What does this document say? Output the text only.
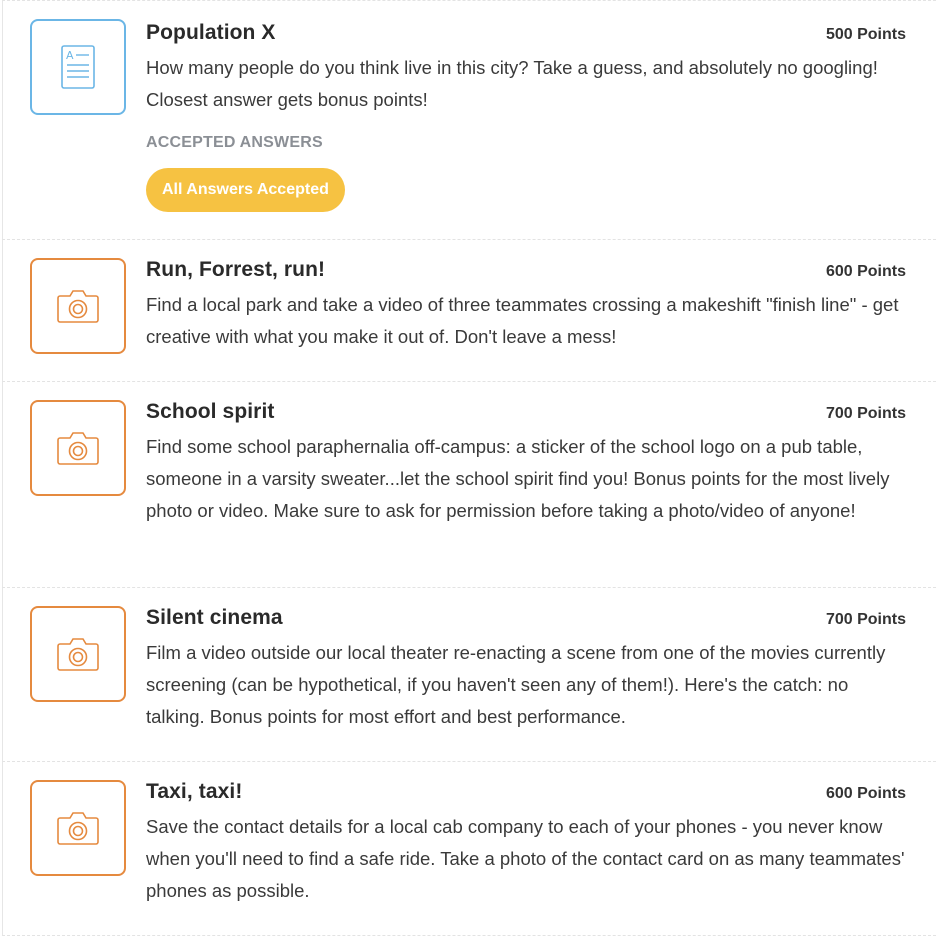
A
Population X	500 Points
How many people do you think live in this city? Take a guess, and absolutely no googling! Closest answer gets bonus points!
ACCEPTED ANSWERS
All Answers Accepted
Run, Forrest, run!	600 Points
Find a local park and take a video of three teammates crossing a makeshift "finish line" - get creative with what you make it out of. Don't leave a mess!
School spirit	700 Points
Find some school paraphernalia off-campus: a sticker of the school logo on a pub table, someone in a varsity sweater...let the school spirit find you! Bonus points for the most lively photo or video. Make sure to ask for permission before taking a photo/video of anyone!
Silent cinema	700 Points
Film a video outside our local theater re-enacting a scene from one of the movies currently screening (can be hypothetical, if you haven't seen any of them!). Here's the catch: no talking. Bonus points for most effort and best performance.
Taxi, taxi!	600 Points
Save the contact details for a local cab company to each of your phones - you never know when you'll need to find a safe ride. Take a photo of the contact card on as many teammates' phones as possible.
